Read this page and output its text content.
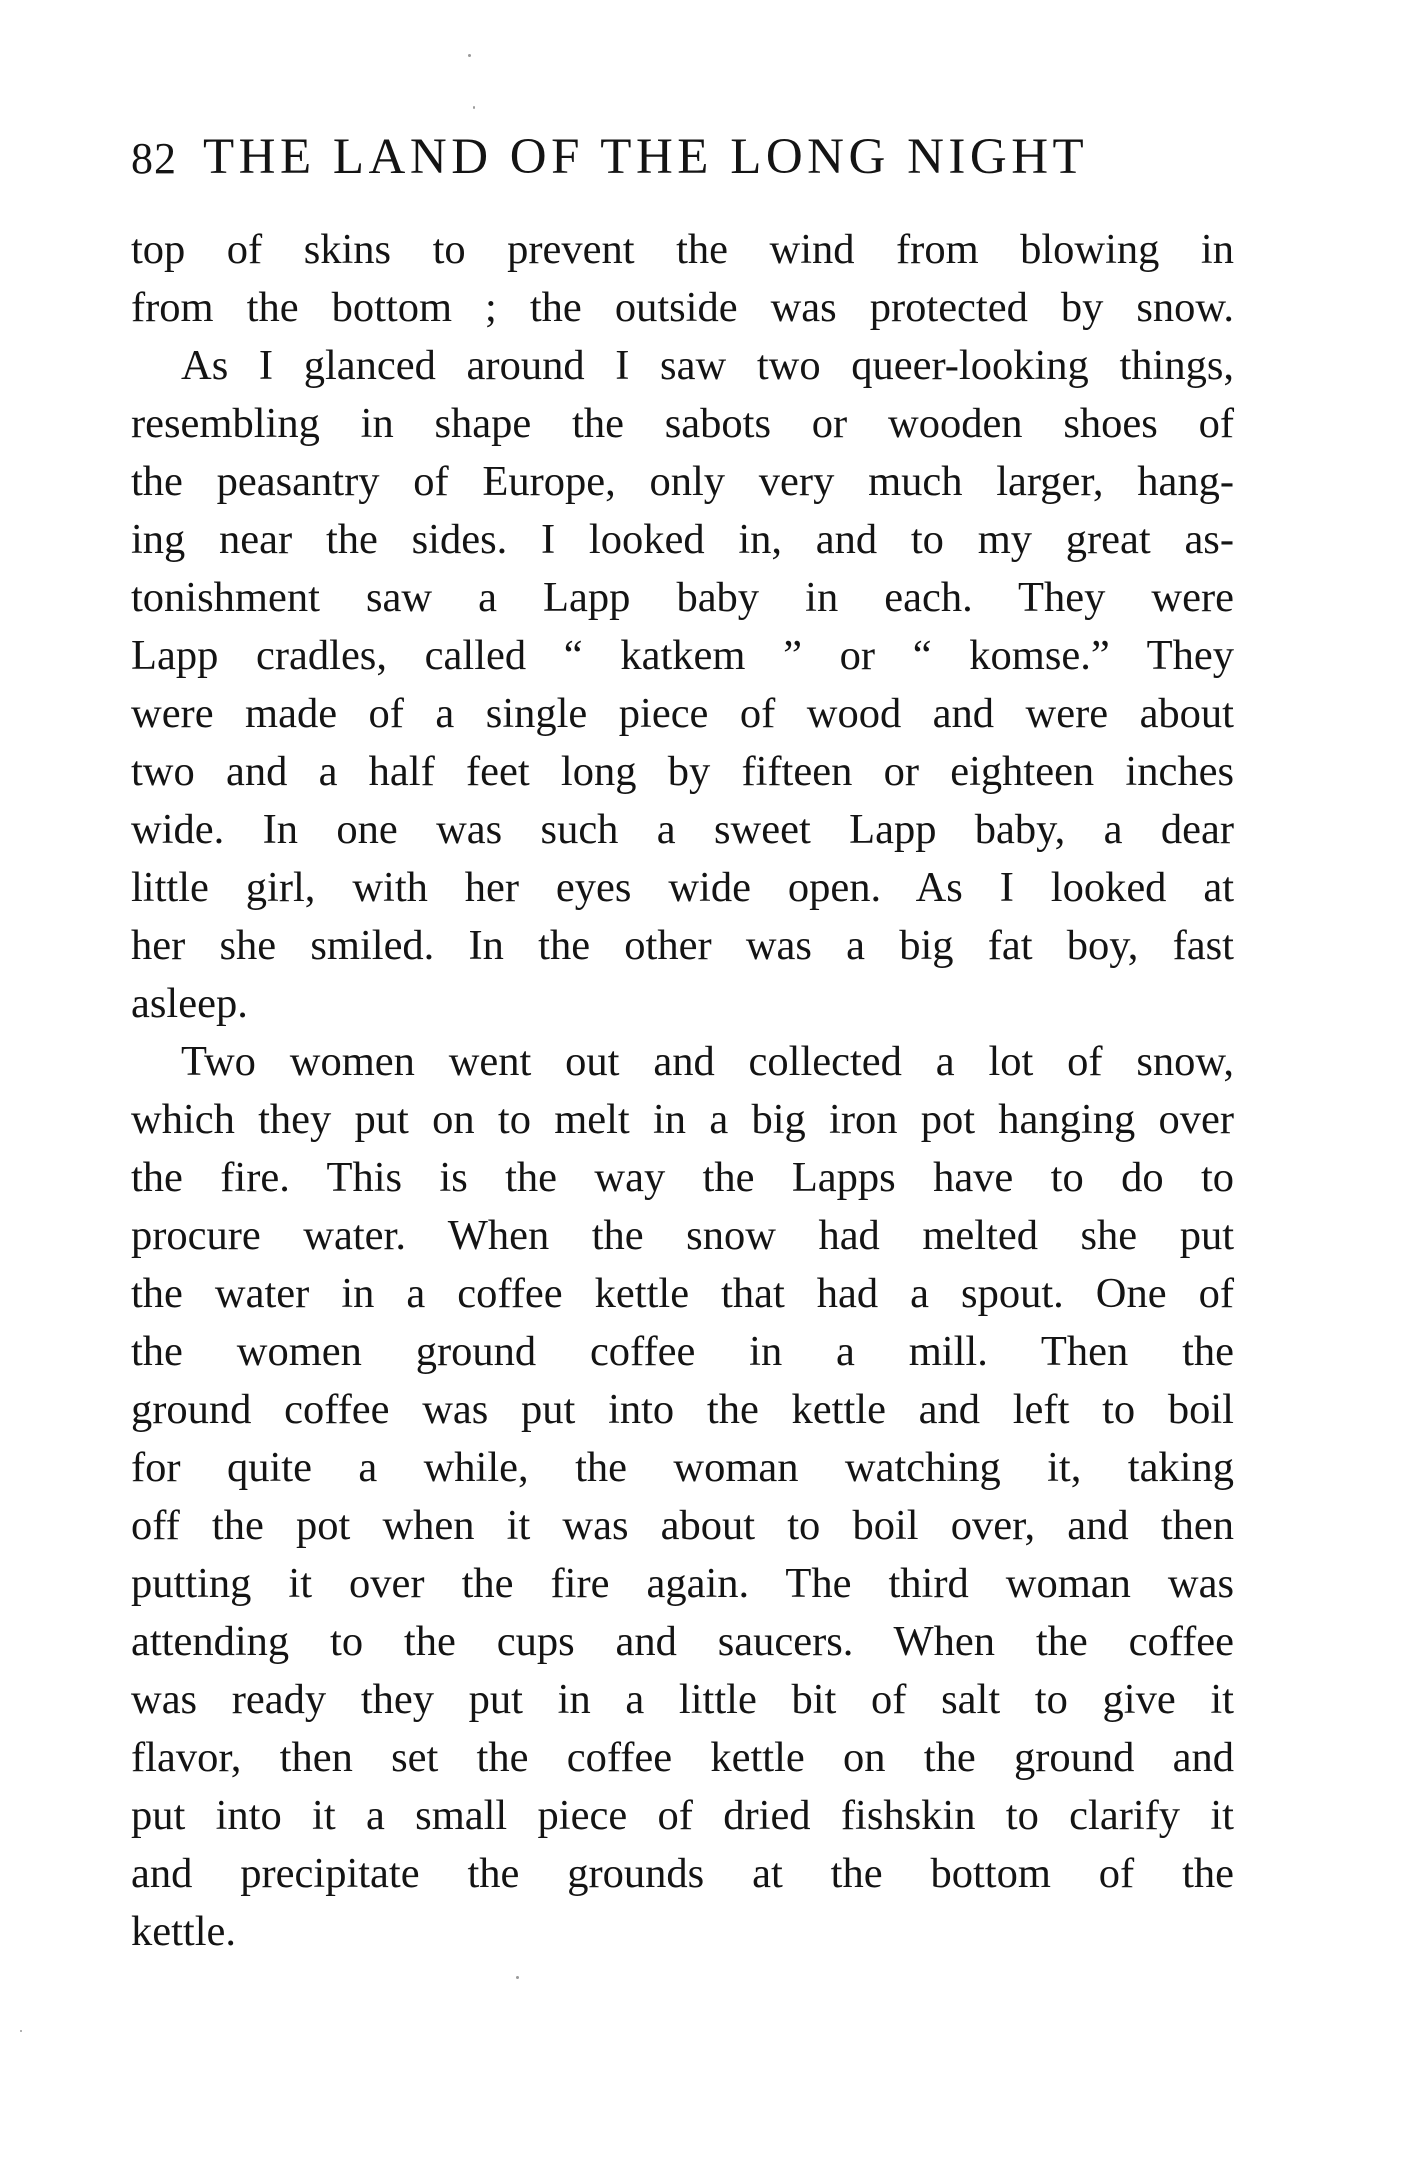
82 THE LAND OF THE LONG NIGHT
top of skins to prevent the wind from blowing in
from the bottom ; the outside was protected by snow.
As I glanced around I saw two queer-looking things,
resembling in shape the sabots or wooden shoes of
the peasantry of Europe, only very much larger, hang-
ing near the sides. I looked in, and to my great as-
tonishment saw a Lapp baby in each. They were
Lapp cradles, called “ katkem ” or “ komse.” They
were made of a single piece of wood and were about
two and a half feet long by fifteen or eighteen inches
wide. In one was such a sweet Lapp baby, a dear
little girl, with her eyes wide open. As I looked at
her she smiled. In the other was a big fat boy, fast
asleep.
Two women went out and collected a lot of snow,
which they put on to melt in a big iron pot hanging over
the fire. This is the way the Lapps have to do to
procure water. When the snow had melted she put
the water in a coffee kettle that had a spout. One of
the women ground coffee in a mill. Then the
ground coffee was put into the kettle and left to boil
for quite a while, the woman watching it, taking
off the pot when it was about to boil over, and then
putting it over the fire again. The third woman was
attending to the cups and saucers. When the coffee
was ready they put in a little bit of salt to give it
flavor, then set the coffee kettle on the ground and
put into it a small piece of dried fishskin to clarify it
and precipitate the grounds at the bottom of the
kettle.
